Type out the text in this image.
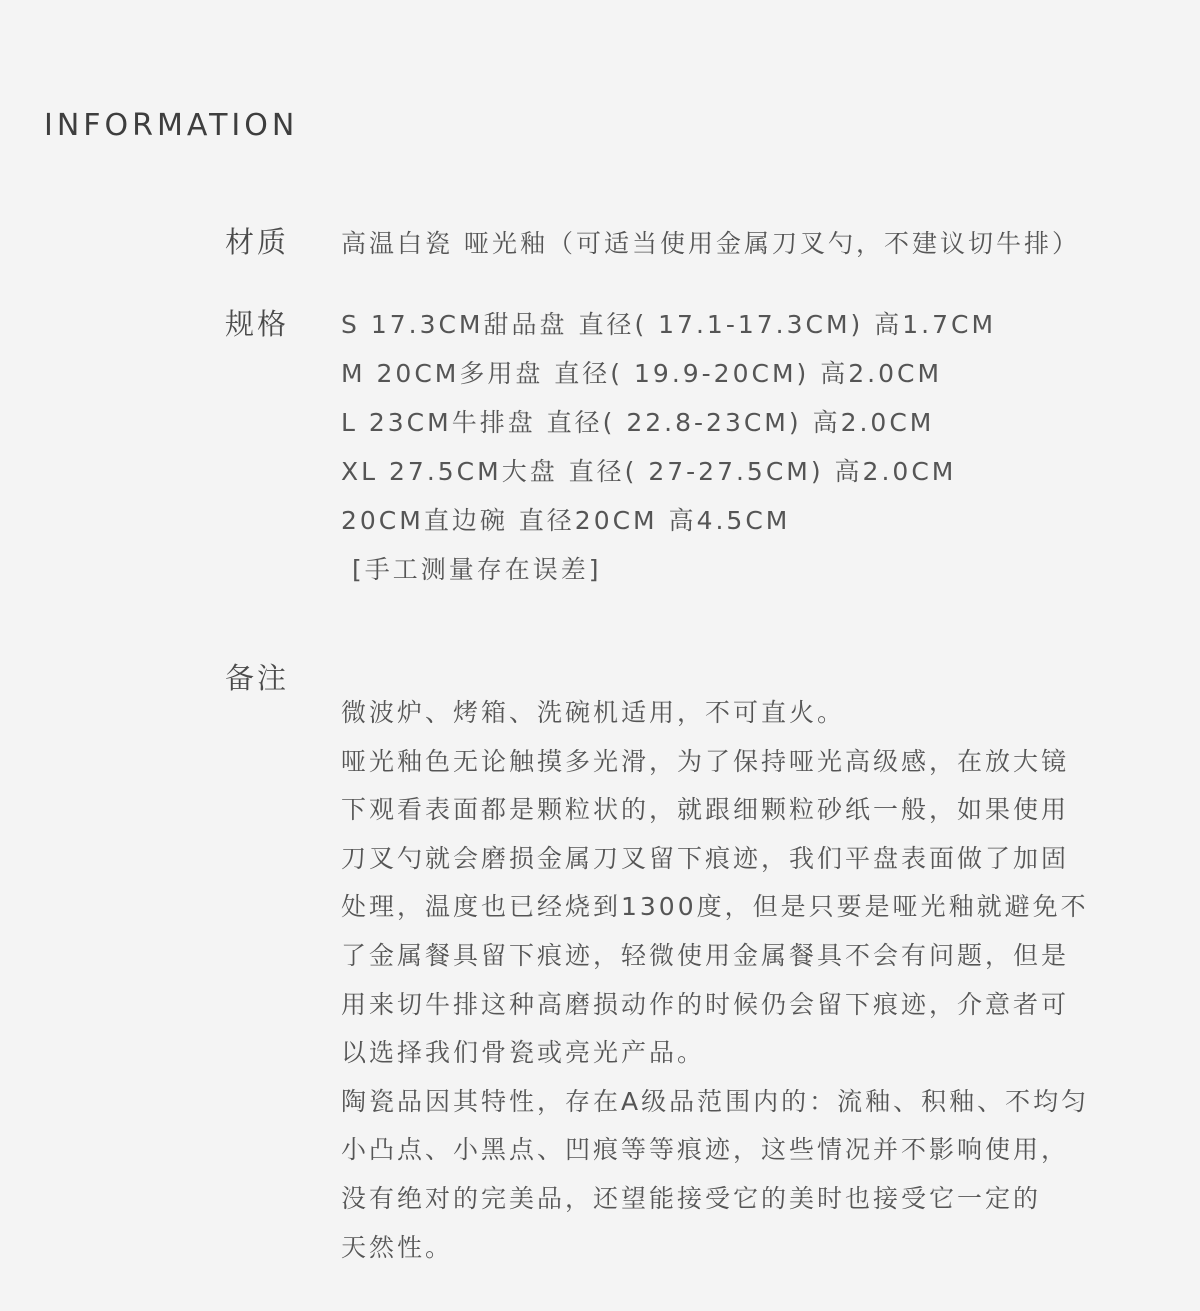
INFORMATION
材质 高温白瓷 哑光釉（可适当使用金属刀叉勺，不建议切牛排）
规格 S 17.3CM甜品盘 直径( 17.1-17.3CM) 高1.7CM
M 20CM多用盘 直径( 19.9-20CM) 高2.0CM
L 23CM牛排盘 直径( 22.8-23CM) 高2.0CM
XL 27.5CM大盘 直径( 27-27.5CM) 高2.0CM
20CM直边碗 直径20CM 高4.5CM
[手工测量存在误差]
备注
微波炉、烤箱、洗碗机适用，不可直火。
哑光釉色无论触摸多光滑，为了保持哑光高级感，在放大镜
下观看表面都是颗粒状的，就跟细颗粒砂纸一般，如果使用
刀叉勺就会磨损金属刀叉留下痕迹，我们平盘表面做了加固
处理，温度也已经烧到1300度，但是只要是哑光釉就避免不
了金属餐具留下痕迹，轻微使用金属餐具不会有问题，但是
用来切牛排这种高磨损动作的时候仍会留下痕迹，介意者可
以选择我们骨瓷或亮光产品。
陶瓷品因其特性，存在A级品范围内的：流釉、积釉、不均匀
小凸点、小黑点、凹痕等等痕迹，这些情况并不影响使用，
没有绝对的完美品，还望能接受它的美时也接受它一定的
天然性。
